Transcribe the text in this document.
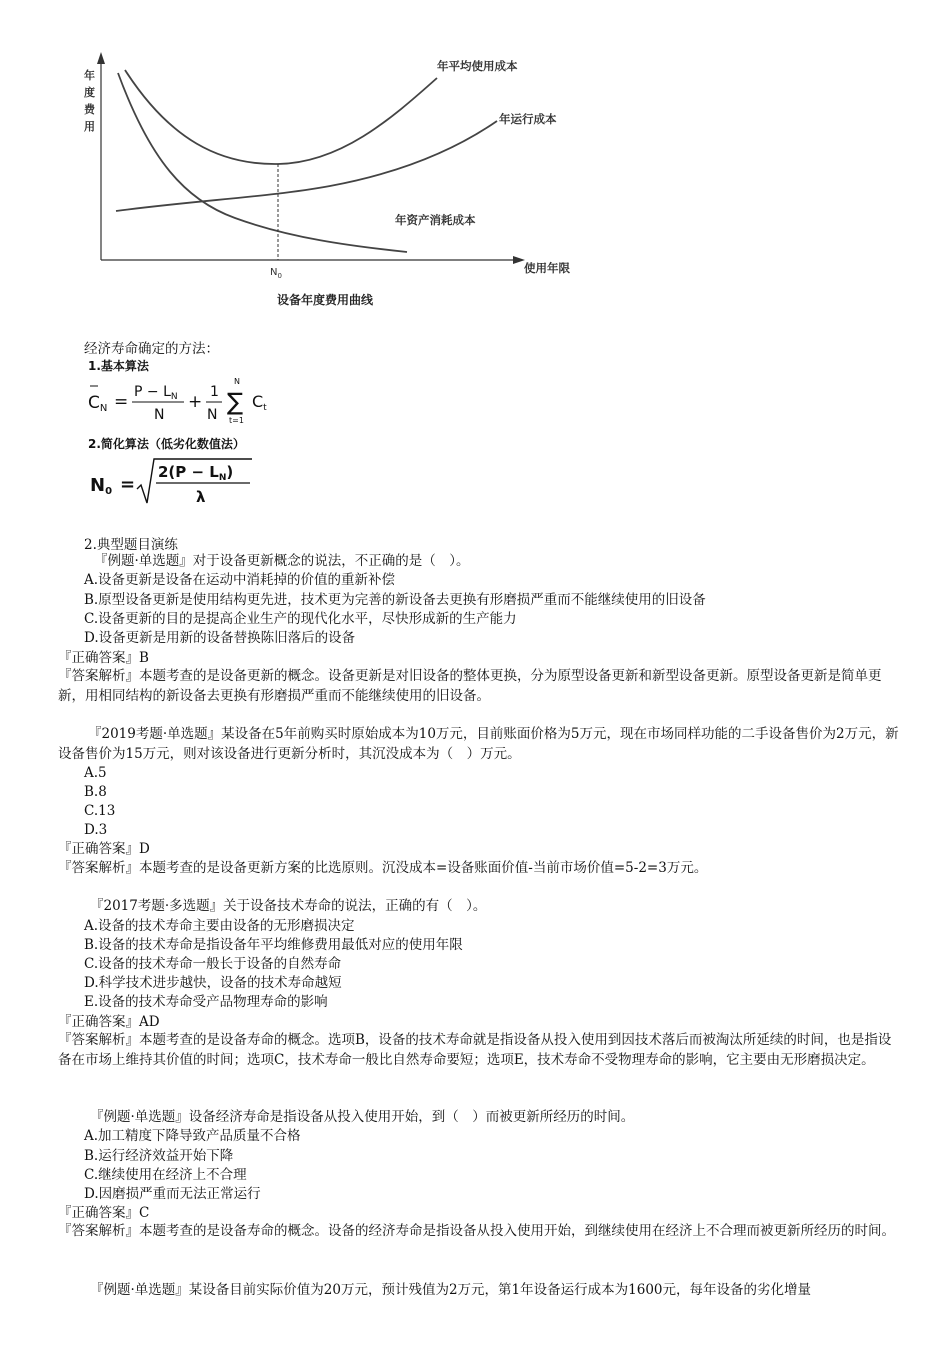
年
度
费
用
$N_0$
年平均使用成本
年运行成本
年资产消耗成本
使用年限
设备年度费用曲线
经济寿命确定的方法：
1.基本算法
CN = $P - L_N$
N
+ 1
N
N
∑
t=1
Ct
2.简化算法（低劣化数值法）
N0 =
$2(P - L_N)$
λ
2.典型题目演练
『例题·单选题』对于设备更新概念的说法，不正确的是（　）。
A.设备更新是设备在运动中消耗掉的价值的重新补偿
B.原型设备更新是使用结构更先进，技术更为完善的新设备去更换有形磨损严重而不能继续使用的旧设备
C.设备更新的目的是提高企业生产的现代化水平，尽快形成新的生产能力
D.设备更新是用新的设备替换陈旧落后的设备
『正确答案』B
『答案解析』本题考查的是设备更新的概念。设备更新是对旧设备的整体更换，分为原型设备更新和新型设备更新。原型设备更新是简单更新，用相同结构的新设备去更换有形磨损严重而不能继续使用的旧设备。
『2019考题·单选题』某设备在5年前购买时原始成本为10万元，目前账面价格为5万元，现在市场同样功能的二手设备售价为2万元，新设备售价为15万元，则对该设备进行更新分析时，其沉没成本为（　）万元。
A.5
B.8
C.13
D.3
『正确答案』D
『答案解析』本题考查的是设备更新方案的比选原则。沉没成本=设备账面价值-当前市场价值=5-2=3万元。
『2017考题·多选题』关于设备技术寿命的说法，正确的有（　）。
A.设备的技术寿命主要由设备的无形磨损决定
B.设备的技术寿命是指设备年平均维修费用最低对应的使用年限
C.设备的技术寿命一般长于设备的自然寿命
D.科学技术进步越快，设备的技术寿命越短
E.设备的技术寿命受产品物理寿命的影响
『正确答案』AD
『答案解析』本题考查的是设备寿命的概念。选项B，设备的技术寿命就是指设备从投入使用到因技术落后而被淘汰所延续的时间，也是指设备在市场上维持其价值的时间；选项C，技术寿命一般比自然寿命要短；选项E，技术寿命不受物理寿命的影响，它主要由无形磨损决定。
『例题·单选题』设备经济寿命是指设备从投入使用开始，到（　）而被更新所经历的时间。
A.加工精度下降导致产品质量不合格
B.运行经济效益开始下降
C.继续使用在经济上不合理
D.因磨损严重而无法正常运行
『正确答案』C
『答案解析』本题考查的是设备寿命的概念。设备的经济寿命是指设备从投入使用开始，到继续使用在经济上不合理而被更新所经历的时间。
『例题·单选题』某设备目前实际价值为20万元，预计残值为2万元，第1年设备运行成本为1600元，每年设备的劣化增量
